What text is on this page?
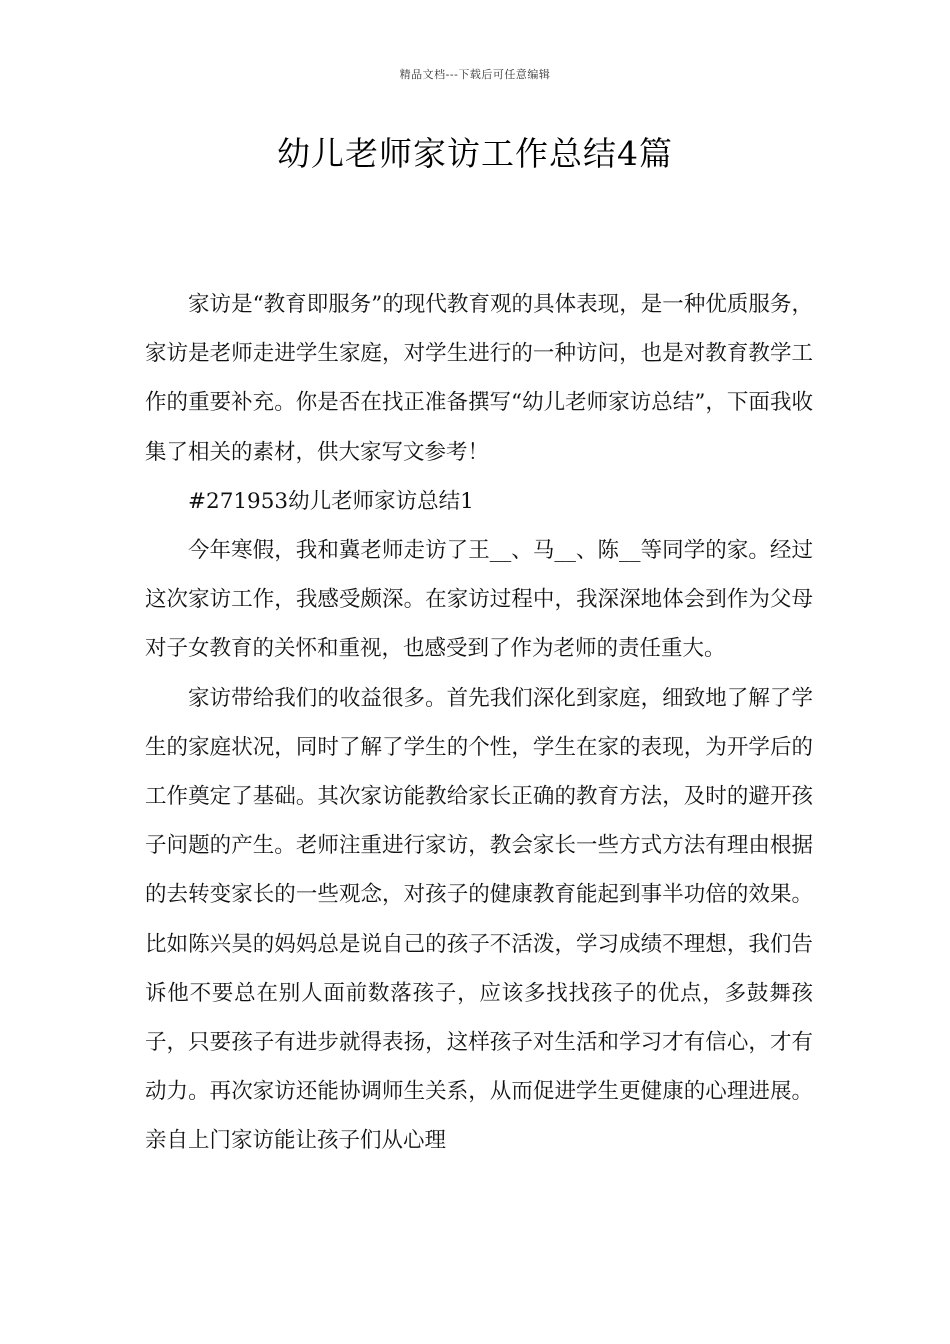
精品文档---下载后可任意编辑
幼儿老师家访工作总结4篇

家访是“教育即服务”的现代教育观的具体表现，是一种优质服务，家访是老师走进学生家庭，对学生进行的一种访问，也是对教育教学工作的重要补充。你是否在找正准备撰写“幼儿老师家访总结”，下面我收集了相关的素材，供大家写文参考！

#271953幼儿老师家访总结1

今年寒假，我和冀老师走访了王__、马__、陈__等同学的家。经过这次家访工作，我感受颇深。在家访过程中，我深深地体会到作为父母对子女教育的关怀和重视，也感受到了作为老师的责任重大。

家访带给我们的收益很多。首先我们深化到家庭，细致地了解了学生的家庭状况，同时了解了学生的个性，学生在家的表现，为开学后的工作奠定了基础。其次家访能教给家长正确的教育方法，及时的避开孩子问题的产生。老师注重进行家访，教会家长一些方式方法有理由根据的去转变家长的一些观念，对孩子的健康教育能起到事半功倍的效果。比如陈兴昊的妈妈总是说自己的孩子不活泼，学习成绩不理想，我们告诉他不要总在别人面前数落孩子，应该多找找孩子的优点，多鼓舞孩子，只要孩子有进步就得表扬，这样孩子对生活和学习才有信心，才有动力。再次家访还能协调师生关系，从而促进学生更健康的心理进展。亲自上门家访能让孩子们从心理
